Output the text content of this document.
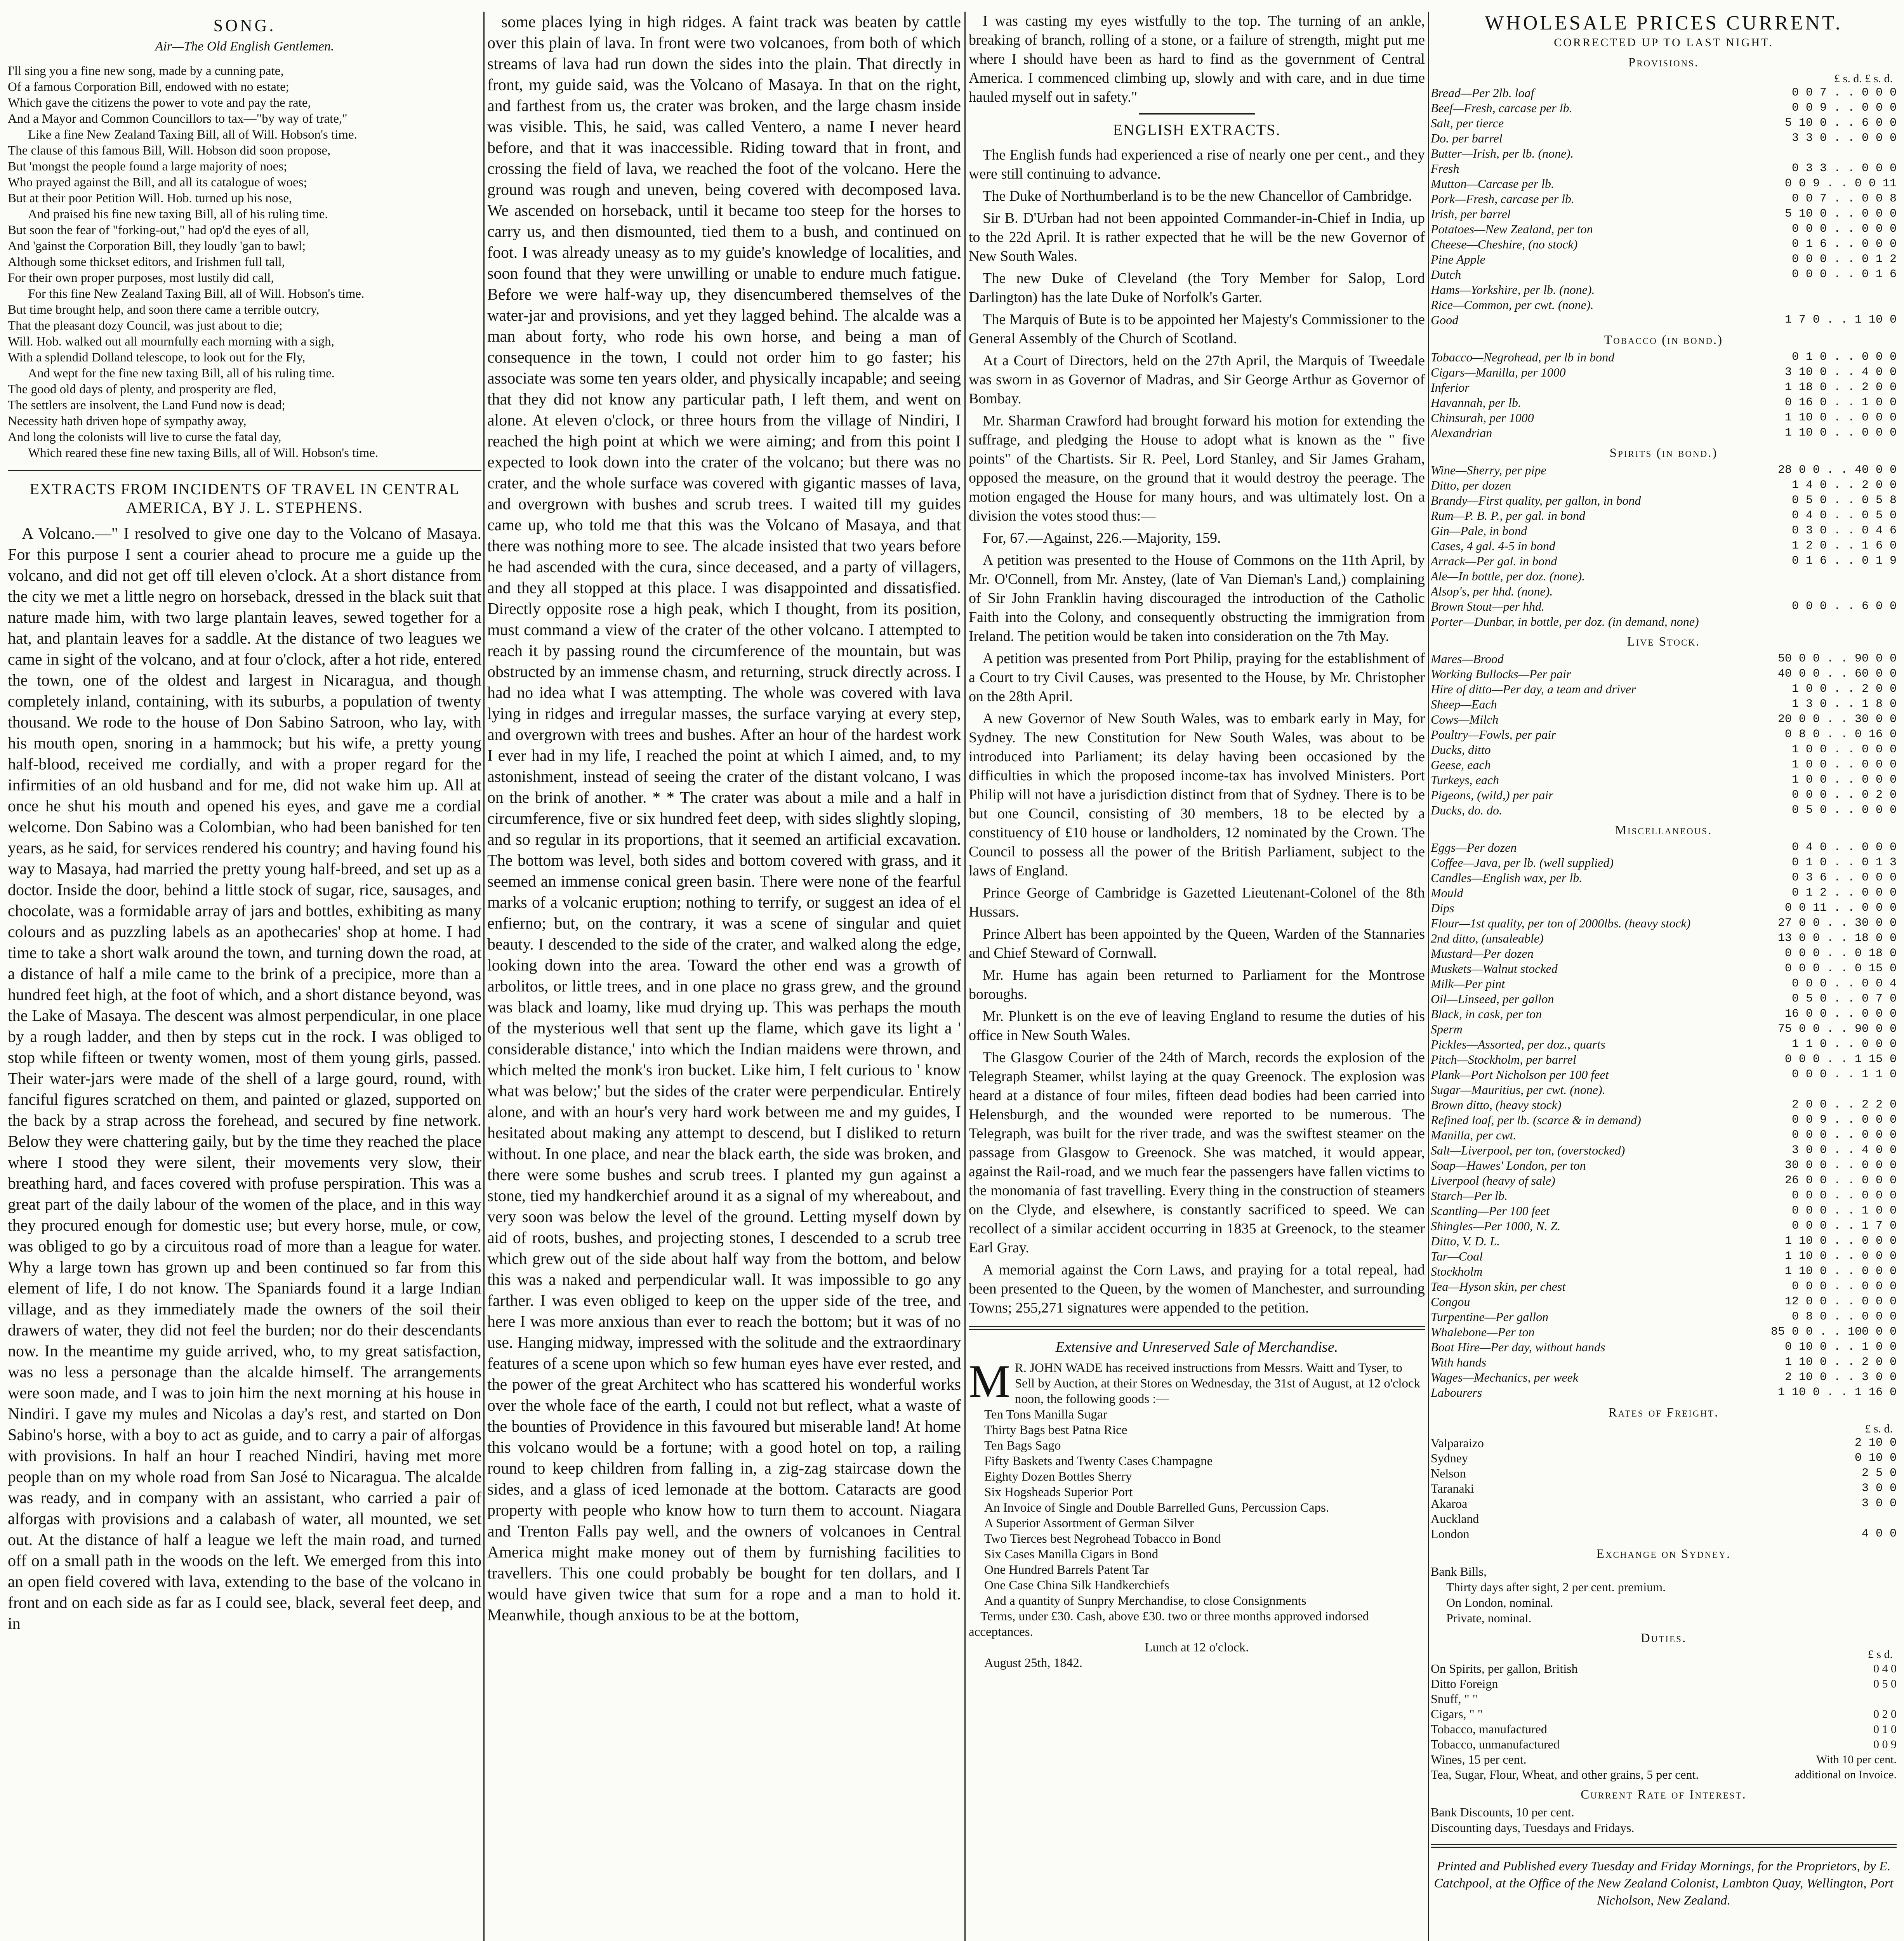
SONG.
Air—The Old English Gentlemen.

I'll sing you a fine new song, made by a cunning pate,

Of a famous Corporation Bill, endowed with no estate;

Which gave the citizens the power to vote and pay the rate,

And a Mayor and Common Councillors to tax—"by way of trate,"

Like a fine New Zealand Taxing Bill, all of Will. Hobson's time.

The clause of this famous Bill, Will. Hobson did soon propose,

But 'mongst the people found a large majority of noes;

Who prayed against the Bill, and all its catalogue of woes;

But at their poor Petition Will. Hob. turned up his nose,

And praised his fine new taxing Bill, all of his ruling time.

But soon the fear of "forking-out," had op'd the eyes of all,

And 'gainst the Corporation Bill, they loudly 'gan to bawl;

Although some thickset editors, and Irishmen full tall,

For their own proper purposes, most lustily did call,

For this fine New Zealand Taxing Bill, all of Will. Hobson's time.

But time brought help, and soon there came a terrible outcry,

That the pleasant dozy Council, was just about to die;

Will. Hob. walked out all mournfully each morning with a sigh,

With a splendid Dolland telescope, to look out for the Fly,

And wept for the fine new taxing Bill, all of his ruling time.

The good old days of plenty, and prosperity are fled,

The settlers are insolvent, the Land Fund now is dead;

Necessity hath driven hope of sympathy away,

And long the colonists will live to curse the fatal day,

Which reared these fine new taxing Bills, all of Will. Hobson's time.

EXTRACTS FROM INCIDENTS OF TRAVEL IN CENTRAL AMERICA, BY J. L. STEPHENS.

A Volcano.—" I resolved to give one day to the Volcano of Masaya. For this purpose I sent a courier ahead to procure me a guide up the volcano, and did not get off till eleven o'clock. At a short distance from the city we met a little negro on horseback, dressed in the black suit that nature made him, with two large plantain leaves, sewed together for a hat, and plantain leaves for a saddle. At the distance of two leagues we came in sight of the volcano, and at four o'clock, after a hot ride, entered the town, one of the oldest and largest in Nicaragua, and though completely inland, containing, with its suburbs, a population of twenty thousand. We rode to the house of Don Sabino Satroon, who lay, with his mouth open, snoring in a hammock; but his wife, a pretty young half-blood, received me cordially, and with a proper regard for the infirmities of an old husband and for me, did not wake him up. All at once he shut his mouth and opened his eyes, and gave me a cordial welcome. Don Sabino was a Colombian, who had been banished for ten years, as he said, for services rendered his country; and having found his way to Masaya, had married the pretty young half-breed, and set up as a doctor. Inside the door, behind a little stock of sugar, rice, sausages, and chocolate, was a formidable array of jars and bottles, exhibiting as many colours and as puzzling labels as an apothecaries' shop at home. I had time to take a short walk around the town, and turning down the road, at a distance of half a mile came to the brink of a precipice, more than a hundred feet high, at the foot of which, and a short distance beyond, was the Lake of Masaya. The descent was almost perpendicular, in one place by a rough ladder, and then by steps cut in the rock. I was obliged to stop while fifteen or twenty women, most of them young girls, passed. Their water-jars were made of the shell of a large gourd, round, with fanciful figures scratched on them, and painted or glazed, supported on the back by a strap across the forehead, and secured by fine network. Below they were chattering gaily, but by the time they reached the place where I stood they were silent, their movements very slow, their breathing hard, and faces covered with profuse perspiration. This was a great part of the daily labour of the women of the place, and in this way they procured enough for domestic use; but every horse, mule, or cow, was obliged to go by a circuitous road of more than a league for water. Why a large town has grown up and been continued so far from this element of life, I do not know. The Spaniards found it a large Indian village, and as they immediately made the owners of the soil their drawers of water, they did not feel the burden; nor do their descendants now. In the meantime my guide arrived, who, to my great satisfaction, was no less a personage than the alcalde himself. The arrangements were soon made, and I was to join him the next morning at his house in Nindiri. I gave my mules and Nicolas a day's rest, and started on Don Sabino's horse, with a boy to act as guide, and to carry a pair of alforgas with provisions. In half an hour I reached Nindiri, having met more people than on my whole road from San José to Nicaragua. The alcalde was ready, and in company with an assistant, who carried a pair of alforgas with provisions and a calabash of water, all mounted, we set out. At the distance of half a league we left the main road, and turned off on a small path in the woods on the left. We emerged from this into an open field covered with lava, extending to the base of the volcano in front and on each side as far as I could see, black, several feet deep, and in

some places lying in high ridges. A faint track was beaten by cattle over this plain of lava. In front were two volcanoes, from both of which streams of lava had run down the sides into the plain. That directly in front, my guide said, was the Volcano of Masaya. In that on the right, and farthest from us, the crater was broken, and the large chasm inside was visible. This, he said, was called Ventero, a name I never heard before, and that it was inaccessible. Riding toward that in front, and crossing the field of lava, we reached the foot of the volcano. Here the ground was rough and uneven, being covered with decomposed lava. We ascended on horseback, until it became too steep for the horses to carry us, and then dismounted, tied them to a bush, and continued on foot. I was already uneasy as to my guide's knowledge of localities, and soon found that they were unwilling or unable to endure much fatigue. Before we were half-way up, they disencumbered themselves of the water-jar and provisions, and yet they lagged behind. The alcalde was a man about forty, who rode his own horse, and being a man of consequence in the town, I could not order him to go faster; his associate was some ten years older, and physically incapable; and seeing that they did not know any particular path, I left them, and went on alone. At eleven o'clock, or three hours from the village of Nindiri, I reached the high point at which we were aiming; and from this point I expected to look down into the crater of the volcano; but there was no crater, and the whole surface was covered with gigantic masses of lava, and overgrown with bushes and scrub trees. I waited till my guides came up, who told me that this was the Volcano of Masaya, and that there was nothing more to see. The alcade insisted that two years before he had ascended with the cura, since deceased, and a party of villagers, and they all stopped at this place. I was disappointed and dissatisfied. Directly opposite rose a high peak, which I thought, from its position, must command a view of the crater of the other volcano. I attempted to reach it by passing round the circumference of the mountain, but was obstructed by an immense chasm, and returning, struck directly across. I had no idea what I was attempting. The whole was covered with lava lying in ridges and irregular masses, the surface varying at every step, and overgrown with trees and bushes. After an hour of the hardest work I ever had in my life, I reached the point at which I aimed, and, to my astonishment, instead of seeing the crater of the distant volcano, I was on the brink of another. * * The crater was about a mile and a half in circumference, five or six hundred feet deep, with sides slightly sloping, and so regular in its proportions, that it seemed an artificial excavation. The bottom was level, both sides and bottom covered with grass, and it seemed an immense conical green basin. There were none of the fearful marks of a volcanic eruption; nothing to terrify, or suggest an idea of el enfierno; but, on the contrary, it was a scene of singular and quiet beauty. I descended to the side of the crater, and walked along the edge, looking down into the area. Toward the other end was a growth of arbolitos, or little trees, and in one place no grass grew, and the ground was black and loamy, like mud drying up. This was perhaps the mouth of the mysterious well that sent up the flame, which gave its light a ' considerable distance,' into which the Indian maidens were thrown, and which melted the monk's iron bucket. Like him, I felt curious to ' know what was below;' but the sides of the crater were perpendicular. Entirely alone, and with an hour's very hard work between me and my guides, I hesitated about making any attempt to descend, but I disliked to return without. In one place, and near the black earth, the side was broken, and there were some bushes and scrub trees. I planted my gun against a stone, tied my handkerchief around it as a signal of my whereabout, and very soon was below the level of the ground. Letting myself down by aid of roots, bushes, and projecting stones, I descended to a scrub tree which grew out of the side about half way from the bottom, and below this was a naked and perpendicular wall. It was impossible to go any farther. I was even obliged to keep on the upper side of the tree, and here I was more anxious than ever to reach the bottom; but it was of no use. Hanging midway, impressed with the solitude and the extraordinary features of a scene upon which so few human eyes have ever rested, and the power of the great Architect who has scattered his wonderful works over the whole face of the earth, I could not but reflect, what a waste of the bounties of Providence in this favoured but miserable land! At home this volcano would be a fortune; with a good hotel on top, a railing round to keep children from falling in, a zig-zag staircase down the sides, and a glass of iced lemonade at the bottom. Cataracts are good property with people who know how to turn them to account. Niagara and Trenton Falls pay well, and the owners of volcanoes in Central America might make money out of them by furnishing facilities to travellers. This one could probably be bought for ten dollars, and I would have given twice that sum for a rope and a man to hold it. Meanwhile, though anxious to be at the bottom,

I was casting my eyes wistfully to the top. The turning of an ankle, breaking of branch, rolling of a stone, or a failure of strength, might put me where I should have been as hard to find as the government of Central America. I commenced climbing up, slowly and with care, and in due time hauled myself out in safety."

ENGLISH EXTRACTS.

The English funds had experienced a rise of nearly one per cent., and they were still continuing to advance.

The Duke of Northumberland is to be the new Chancellor of Cambridge.

Sir B. D'Urban had not been appointed Commander-in-Chief in India, up to the 22d April. It is rather expected that he will be the new Governor of New South Wales.

The new Duke of Cleveland (the Tory Member for Salop, Lord Darlington) has the late Duke of Norfolk's Garter.

The Marquis of Bute is to be appointed her Majesty's Commissioner to the General Assembly of the Church of Scotland.

At a Court of Directors, held on the 27th April, the Marquis of Tweedale was sworn in as Governor of Madras, and Sir George Arthur as Governor of Bombay.

Mr. Sharman Crawford had brought forward his motion for extending the suffrage, and pledging the House to adopt what is known as the " five points" of the Chartists. Sir R. Peel, Lord Stanley, and Sir James Graham, opposed the measure, on the ground that it would destroy the peerage. The motion engaged the House for many hours, and was ultimately lost. On a division the votes stood thus:—

For, 67.—Against, 226.—Majority, 159.

A petition was presented to the House of Commons on the 11th April, by Mr. O'Connell, from Mr. Anstey, (late of Van Dieman's Land,) complaining of Sir John Franklin having discouraged the introduction of the Catholic Faith into the Colony, and consequently obstructing the immigration from Ireland. The petition would be taken into consideration on the 7th May.

A petition was presented from Port Philip, praying for the establishment of a Court to try Civil Causes, was presented to the House, by Mr. Christopher on the 28th April.

A new Governor of New South Wales, was to embark early in May, for Sydney. The new Constitution for New South Wales, was about to be introduced into Parliament; its delay having been occasioned by the difficulties in which the proposed income-tax has involved Ministers. Port Philip will not have a jurisdiction distinct from that of Sydney. There is to be but one Council, consisting of 30 members, 18 to be elected by a constituency of £10 house or landholders, 12 nominated by the Crown. The Council to possess all the power of the British Parliament, subject to the laws of England.

Prince George of Cambridge is Gazetted Lieutenant-Colonel of the 8th Hussars.

Prince Albert has been appointed by the Queen, Warden of the Stannaries and Chief Steward of Cornwall.

Mr. Hume has again been returned to Parliament for the Montrose boroughs.

Mr. Plunkett is on the eve of leaving England to resume the duties of his office in New South Wales.

The Glasgow Courier of the 24th of March, records the explosion of the Telegraph Steamer, whilst laying at the quay Greenock. The explosion was heard at a distance of four miles, fifteen dead bodies had been carried into Helensburgh, and the wounded were reported to be numerous. The Telegraph, was built for the river trade, and was the swiftest steamer on the passage from Glasgow to Greenock. She was matched, it would appear, against the Rail-road, and we much fear the passengers have fallen victims to the monomania of fast travelling. Every thing in the construction of steamers on the Clyde, and elsewhere, is constantly sacrificed to speed. We can recollect of a similar accident occurring in 1835 at Greenock, to the steamer Earl Gray.

A memorial against the Corn Laws, and praying for a total repeal, had been presented to the Queen, by the women of Manchester, and surrounding Towns; 255,271 signatures were appended to the petition.

Extensive and Unreserved Sale of Merchandise.

M R. JOHN WADE has received instructions from Messrs. Waitt and Tyser, to Sell by Auction, at their Stores on Wednesday, the 31st of August, at 12 o'clock noon, the following goods :—

Ten Tons Manilla Sugar

Thirty Bags best Patna Rice

Ten Bags Sago

Fifty Baskets and Twenty Cases Champagne

Eighty Dozen Bottles Sherry

Six Hogsheads Superior Port

An Invoice of Single and Double Barrelled Guns, Percussion Caps.

A Superior Assortment of German Silver

Two Tierces best Negrohead Tobacco in Bond

Six Cases Manilla Cigars in Bond

One Hundred Barrels Patent Tar

One Case China Silk Handkerchiefs

And a quantity of Sunpry Merchandise, to close Consignments

Terms, under £30. Cash, above £30. two or three months approved indorsed acceptances.

Lunch at 12 o'clock.

August 25th, 1842.

WHOLESALE PRICES CURRENT.
CORRECTED UP TO LAST NIGHT.
Provisions.
£ s. d. £ s. d.
Bread—Per 2lb. loaf	0 0 7 . . 0 0 0
Beef—Fresh, carcase per lb.	0 0 9 . . 0 0 0
Salt, per tierce	5 10 0 . . 6 0 0
Do. per barrel	3 3 0 . . 0 0 0
Butter—Irish, per lb. (none).	
Fresh	0 3 3 . . 0 0 0
Mutton—Carcase per lb.	0 0 9 . . 0 0 11
Pork—Fresh, carcase per lb.	0 0 7 . . 0 0 8
Irish, per barrel	5 10 0 . . 0 0 0
Potatoes—New Zealand, per ton	0 0 0 . . 0 0 0
Cheese—Cheshire, (no stock)	0 1 6 . . 0 0 0
Pine Apple	0 0 0 . . 0 1 2
Dutch	0 0 0 . . 0 1 6
Hams—Yorkshire, per lb. (none).	
Rice—Common, per cwt. (none).	
Good	1 7 0 . . 1 10 0
Tobacco (in bond.)
Tobacco—Negrohead, per lb in bond	0 1 0 . . 0 0 0
Cigars—Manilla, per 1000	3 10 0 . . 4 0 0
Inferior	1 18 0 . . 2 0 0
Havannah, per lb.	0 16 0 . . 1 0 0
Chinsurah, per 1000	1 10 0 . . 0 0 0
Alexandrian	1 10 0 . . 0 0 0
Spirits (in bond.)
Wine—Sherry, per pipe	28 0 0 . . 40 0 0
Ditto, per dozen	1 4 0 . . 2 0 0
Brandy—First quality, per gallon, in bond	0 5 0 . . 0 5 8
Rum—P. B. P., per gal. in bond	0 4 0 . . 0 5 0
Gin—Pale, in bond	0 3 0 . . 0 4 6
Cases, 4 gal. 4-5 in bond	1 2 0 . . 1 6 0
Arrack—Per gal. in bond	0 1 6 . . 0 1 9
Ale—In bottle, per doz. (none).	
Alsop's, per hhd. (none).	
Brown Stout—per hhd.	0 0 0 . . 6 0 0
Porter—Dunbar, in bottle, per doz. (in demand, none)	
Live Stock.
Mares—Brood	50 0 0 . . 90 0 0
Working Bullocks—Per pair	40 0 0 . . 60 0 0
Hire of ditto—Per day, a team and driver	1 0 0 . . 2 0 0
Sheep—Each	1 3 0 . . 1 8 0
Cows—Milch	20 0 0 . . 30 0 0
Poultry—Fowls, per pair	0 8 0 . . 0 16 0
Ducks, ditto	1 0 0 . . 0 0 0
Geese, each	1 0 0 . . 0 0 0
Turkeys, each	1 0 0 . . 0 0 0
Pigeons, (wild,) per pair	0 0 0 . . 0 2 0
Ducks, do. do.	0 5 0 . . 0 0 0
Miscellaneous.
Eggs—Per dozen	0 4 0 . . 0 0 0
Coffee—Java, per lb. (well supplied)	0 1 0 . . 0 1 3
Candles—English wax, per lb.	0 3 6 . . 0 0 0
Mould	0 1 2 . . 0 0 0
Dips	0 0 11 . . 0 0 0
Flour—1st quality, per ton of 2000lbs. (heavy stock)	27 0 0 . . 30 0 0
2nd ditto, (unsaleable)	13 0 0 . . 18 0 0
Mustard—Per dozen	0 0 0 . . 0 18 0
Muskets—Walnut stocked	0 0 0 . . 0 15 0
Milk—Per pint	0 0 0 . . 0 0 4
Oil—Linseed, per gallon	0 5 0 . . 0 7 0
Black, in cask, per ton	16 0 0 . . 0 0 0
Sperm	75 0 0 . . 90 0 0
Pickles—Assorted, per doz., quarts	1 1 0 . . 0 0 0
Pitch—Stockholm, per barrel	0 0 0 . . 1 15 0
Plank—Port Nicholson per 100 feet	0 0 0 . . 1 1 0
Sugar—Mauritius, per cwt. (none).	
Brown ditto, (heavy stock)	2 0 0 . . 2 2 0
Refined loaf, per lb. (scarce & in demand)	0 0 9 . . 0 0 0
Manilla, per cwt.	0 0 0 . . 0 0 0
Salt—Liverpool, per ton, (overstocked)	3 0 0 . . 4 0 0
Soap—Hawes' London, per ton	30 0 0 . . 0 0 0
Liverpool (heavy of sale)	26 0 0 . . 0 0 0
Starch—Per lb.	0 0 0 . . 0 0 0
Scantling—Per 100 feet	0 0 0 . . 1 0 0
Shingles—Per 1000, N. Z.	0 0 0 . . 1 7 0
Ditto, V. D. L.	1 10 0 . . 0 0 0
Tar—Coal	1 10 0 . . 0 0 0
Stockholm	1 10 0 . . 0 0 0
Tea—Hyson skin, per chest	0 0 0 . . 0 0 0
Congou	12 0 0 . . 0 0 0
Turpentine—Per gallon	0 8 0 . . 0 0 0
Whalebone—Per ton	85 0 0 . . 100 0 0
Boat Hire—Per day, without hands	0 10 0 . . 1 0 0
With hands	1 10 0 . . 2 0 0
Wages—Mechanics, per week	2 10 0 . . 3 0 0
Labourers	1 10 0 . . 1 16 0
Rates of Freight.
£ s. d.
Valparaizo	2 10 0
Sydney	0 10 0
Nelson	2 5 0
Taranaki	3 0 0
Akaroa	3 0 0
Auckland	
London	4 0 0
Exchange on Sydney.

Bank Bills,

Thirty days after sight, 2 per cent. premium.

On London, nominal.

Private, nominal.

Duties.
£ s d.
On Spirits, per gallon, British	0 4 0
Ditto Foreign	0 5 0
Snuff, " "	
Cigars, " "	0 2 0
Tobacco, manufactured	0 1 0
Tobacco, unmanufactured	0 0 9
Wines, 15 per cent.	With 10 per cent.
Tea, Sugar, Flour, Wheat, and other grains, 5 per cent.	additional on Invoice.
Current Rate of Interest.

Bank Discounts, 10 per cent.

Discounting days, Tuesdays and Fridays.

Printed and Published every Tuesday and Friday Mornings, for the Proprietors, by E. Catchpool, at the Office of the New Zealand Colonist, Lambton Quay, Wellington, Port Nicholson, New Zealand.
